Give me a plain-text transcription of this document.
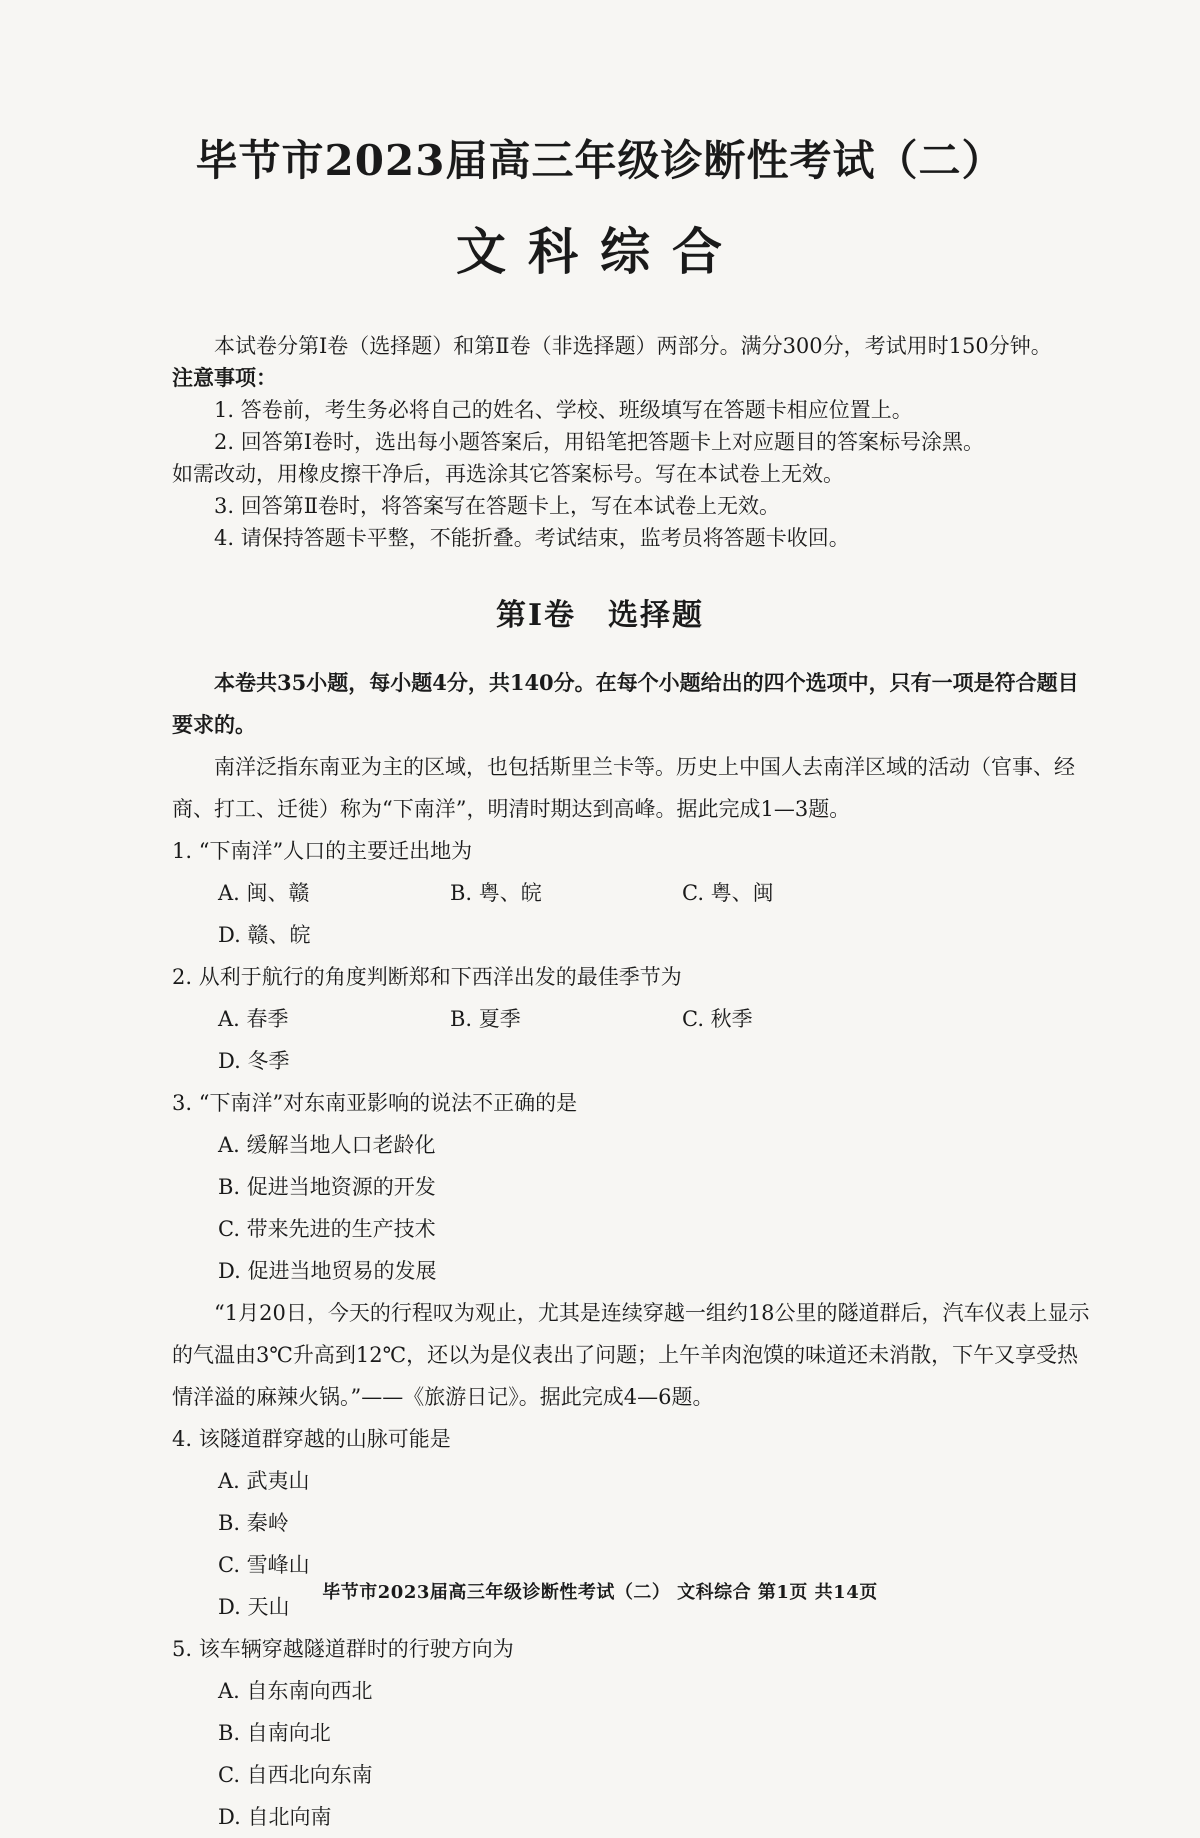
毕节市2023届高三年级诊断性考试（二）
文科综合

本试卷分第Ⅰ卷（选择题）和第Ⅱ卷（非选择题）两部分。满分300分，考试用时150分钟。

注意事项：

1. 答卷前，考生务必将自己的姓名、学校、班级填写在答题卡相应位置上。

2. 回答第Ⅰ卷时，选出每小题答案后，用铅笔把答题卡上对应题目的答案标号涂黑。

如需改动，用橡皮擦干净后，再选涂其它答案标号。写在本试卷上无效。

3. 回答第Ⅱ卷时，将答案写在答题卡上，写在本试卷上无效。

4. 请保持答题卡平整，不能折叠。考试结束，监考员将答题卡收回。

第Ⅰ卷 选择题
本卷共35小题，每小题4分，共140分。在每个小题给出的四个选项中，只有一项是符合题目要求的。

南洋泛指东南亚为主的区域，也包括斯里兰卡等。历史上中国人去南洋区域的活动（官事、经商、打工、迁徙）称为“下南洋”，明清时期达到高峰。据此完成1—3题。

1. “下南洋”人口的主要迁出地为

A. 闽、赣	B. 粤、皖	C. 粤、闽
D. 赣、皖

2. 从利于航行的角度判断郑和下西洋出发的最佳季节为

A. 春季	B. 夏季	C. 秋季
D. 冬季

3. “下南洋”对东南亚影响的说法不正确的是

A. 缓解当地人口老龄化
B. 促进当地资源的开发
C. 带来先进的生产技术
D. 促进当地贸易的发展

“1月20日，今天的行程叹为观止，尤其是连续穿越一组约18公里的隧道群后，汽车仪表上显示的气温由3℃升高到12℃，还以为是仪表出了问题；上午羊肉泡馍的味道还未消散，下午又享受热情洋溢的麻辣火锅。”——《旅游日记》。据此完成4—6题。

4. 该隧道群穿越的山脉可能是

A. 武夷山
B. 秦岭
C. 雪峰山
D. 天山

5. 该车辆穿越隧道群时的行驶方向为

A. 自东南向西北
B. 自南向北
C. 自西北向东南
D. 自北向南
毕节市2023届高三年级诊断性考试（二） 文科综合 第1页 共14页
